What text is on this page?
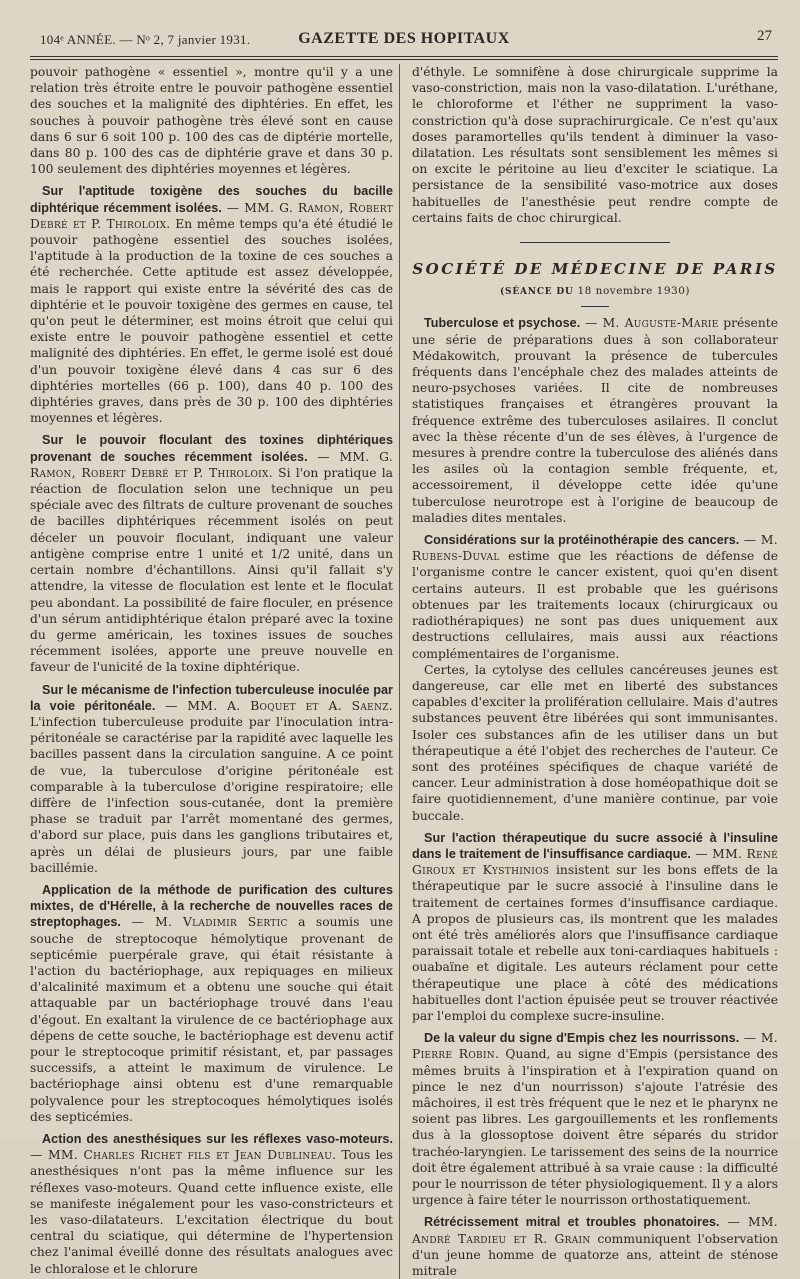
104ᵉ ANNÉE. — Nᵒ 2, 7 janvier 1931.	GAZETTE DES HOPITAUX	27

pouvoir pathogène « essentiel », montre qu'il y a une relation très étroite entre le pouvoir pathogène essentiel des souches et la malignité des diphtéries. En effet, les souches à pouvoir pathogène très élevé sont en cause dans 6 sur 6 soit 100 p. 100 des cas de diptérie mortelle, dans 80 p. 100 des cas de diphtérie grave et dans 30 p. 100 seulement des diphtéries moyennes et légères.

Sur l'aptitude toxigène des souches du bacille diphtérique récemment isolées. — MM. G. Ramon, Robert Debré et P. Thiroloix. En même temps qu'a été étudié le pouvoir pathogène essentiel des souches isolées, l'aptitude à la production de la toxine de ces souches a été recherchée. Cette aptitude est assez développée, mais le rapport qui existe entre la sévérité des cas de diphtérie et le pouvoir toxigène des germes en cause, tel qu'on peut le déterminer, est moins étroit que celui qui existe entre le pouvoir pathogène essentiel et cette malignité des diphtéries. En effet, le germe isolé est doué d'un pouvoir toxigène élevé dans 4 cas sur 6 des diphtéries mortelles (66 p. 100), dans 40 p. 100 des diphtéries graves, dans près de 30 p. 100 des diphtéries moyennes et légères.

Sur le pouvoir floculant des toxines diphtériques provenant de souches récemment isolées. — MM. G. Ramon, Robert Debré et P. Thiroloix. Si l'on pratique la réaction de floculation selon une technique un peu spéciale avec des filtrats de culture provenant de souches de bacilles diphtériques récemment isolés on peut déceler un pouvoir floculant, indiquant une valeur antigène comprise entre 1 unité et 1/2 unité, dans un certain nombre d'échantillons. Ainsi qu'il fallait s'y attendre, la vitesse de floculation est lente et le floculat peu abondant. La possibilité de faire floculer, en présence d'un sérum antidiphtérique étalon préparé avec la toxine du germe américain, les toxines issues de souches récemment isolées, apporte une preuve nouvelle en faveur de l'unicité de la toxine diphtérique.

Sur le mécanisme de l'infection tuberculeuse inoculée par la voie péritonéale. — MM. A. Boquet et A. Saenz. L'infection tuberculeuse produite par l'inoculation intra-péritonéale se caractérise par la rapidité avec laquelle les bacilles passent dans la circulation sanguine. A ce point de vue, la tuberculose d'origine péritonéale est comparable à la tuberculose d'origine respiratoire; elle diffère de l'infection sous-cutanée, dont la première phase se traduit par l'arrêt momentané des germes, d'abord sur place, puis dans les ganglions tributaires et, après un délai de plusieurs jours, par une faible bacillémie.

Application de la méthode de purification des cultures mixtes, de d'Hérelle, à la recherche de nouvelles races de streptophages. — M. Vladimir Sertic a soumis une souche de streptocoque hémolytique provenant de septicémie puerpérale grave, qui était résistante à l'action du bactériophage, aux repiquages en milieux d'alcalinité maximum et a obtenu une souche qui était attaquable par un bactériophage trouvé dans l'eau d'égout. En exaltant la virulence de ce bactériophage aux dépens de cette souche, le bactériophage est devenu actif pour le streptocoque primitif résistant, et, par passages successifs, a atteint le maximum de virulence. Le bactériophage ainsi obtenu est d'une remarquable polyvalence pour les streptocoques hémolytiques isolés des septicémies.

Action des anesthésiques sur les réflexes vaso-moteurs. — MM. Charles Richet fils et Jean Dublineau. Tous les anesthésiques n'ont pas la même influence sur les réflexes vaso-moteurs. Quand cette influence existe, elle se manifeste inégalement pour les vaso-constricteurs et les vaso-dilatateurs. L'excitation électrique du bout central du sciatique, qui détermine de l'hypertension chez l'animal éveillé donne des résultats analogues avec le chloralose et le chlorure

d'éthyle. Le somnifène à dose chirurgicale supprime la vaso-constriction, mais non la vaso-dilatation. L'uréthane, le chloroforme et l'éther ne suppriment la vaso-constriction qu'à dose suprachirurgicale. Ce n'est qu'aux doses paramortelles qu'ils tendent à diminuer la vaso-dilatation. Les résultats sont sensiblement les mêmes si on excite le péritoine au lieu d'exciter le sciatique. La persistance de la sensibilité vaso-motrice aux doses habituelles de l'anesthésie peut rendre compte de certains faits de choc chirurgical.

SOCIÉTÉ DE MÉDECINE DE PARIS
(SÉANCE DU 18 novembre 1930)

Tuberculose et psychose. — M. Auguste-Marie présente une série de préparations dues à son collaborateur Médakowitch, prouvant la présence de tubercules fréquents dans l'encéphale chez des malades atteints de neuro-psychoses variées. Il cite de nombreuses statistiques françaises et étrangères prouvant la fréquence extrême des tuberculoses asilaires. Il conclut avec la thèse récente d'un de ses élèves, à l'urgence de mesures à prendre contre la tuberculose des aliénés dans les asiles où la contagion semble fréquente, et, accessoirement, il développe cette idée qu'une tuberculose neurotrope est à l'origine de beaucoup de maladies dites mentales.

Considérations sur la protéinothérapie des cancers. — M. Rubens-Duval estime que les réactions de défense de l'organisme contre le cancer existent, quoi qu'en disent certains auteurs. Il est probable que les guérisons obtenues par les traitements locaux (chirurgicaux ou radiothérapiques) ne sont pas dues uniquement aux destructions cellulaires, mais aussi aux réactions complémentaires de l'organisme.

Certes, la cytolyse des cellules cancéreuses jeunes est dangereuse, car elle met en liberté des substances capables d'exciter la prolifération cellulaire. Mais d'autres substances peuvent être libérées qui sont immunisantes. Isoler ces substances afin de les utiliser dans un but thérapeutique a été l'objet des recherches de l'auteur. Ce sont des protéines spécifiques de chaque variété de cancer. Leur administration à dose homéopathique doit se faire quotidiennement, d'une manière continue, par voie buccale.

Sur l'action thérapeutique du sucre associé à l'insuline dans le traitement de l'insuffisance cardiaque. — MM. René Giroux et Kysthinios insistent sur les bons effets de la thérapeutique par le sucre associé à l'insuline dans le traitement de certaines formes d'insuffisance cardiaque. A propos de plusieurs cas, ils montrent que les malades ont été très améliorés alors que l'insuffisance cardiaque paraissait totale et rebelle aux toni-cardiaques habituels : ouabaïne et digitale. Les auteurs réclament pour cette thérapeutique une place à côté des médications habituelles dont l'action épuisée peut se trouver réactivée par l'emploi du complexe sucre-insuline.

De la valeur du signe d'Empis chez les nourrissons. — M. Pierre Robin. Quand, au signe d'Empis (persistance des mêmes bruits à l'inspiration et à l'expiration quand on pince le nez d'un nourrisson) s'ajoute l'atrésie des mâchoires, il est très fréquent que le nez et le pharynx ne soient pas libres. Les gargouillements et les ronflements dus à la glossoptose doivent être séparés du stridor trachéo-laryngien. Le tarissement des seins de la nourrice doit être également attribué à sa vraie cause : la difficulté pour le nourrisson de téter physiologiquement. Il y a alors urgence à faire téter le nourrisson orthostatiquement.

Rétrécissement mitral et troubles phonatoires. — MM. André Tardieu et R. Grain communiquent l'observation d'un jeune homme de quatorze ans, atteint de sténose mitrale
